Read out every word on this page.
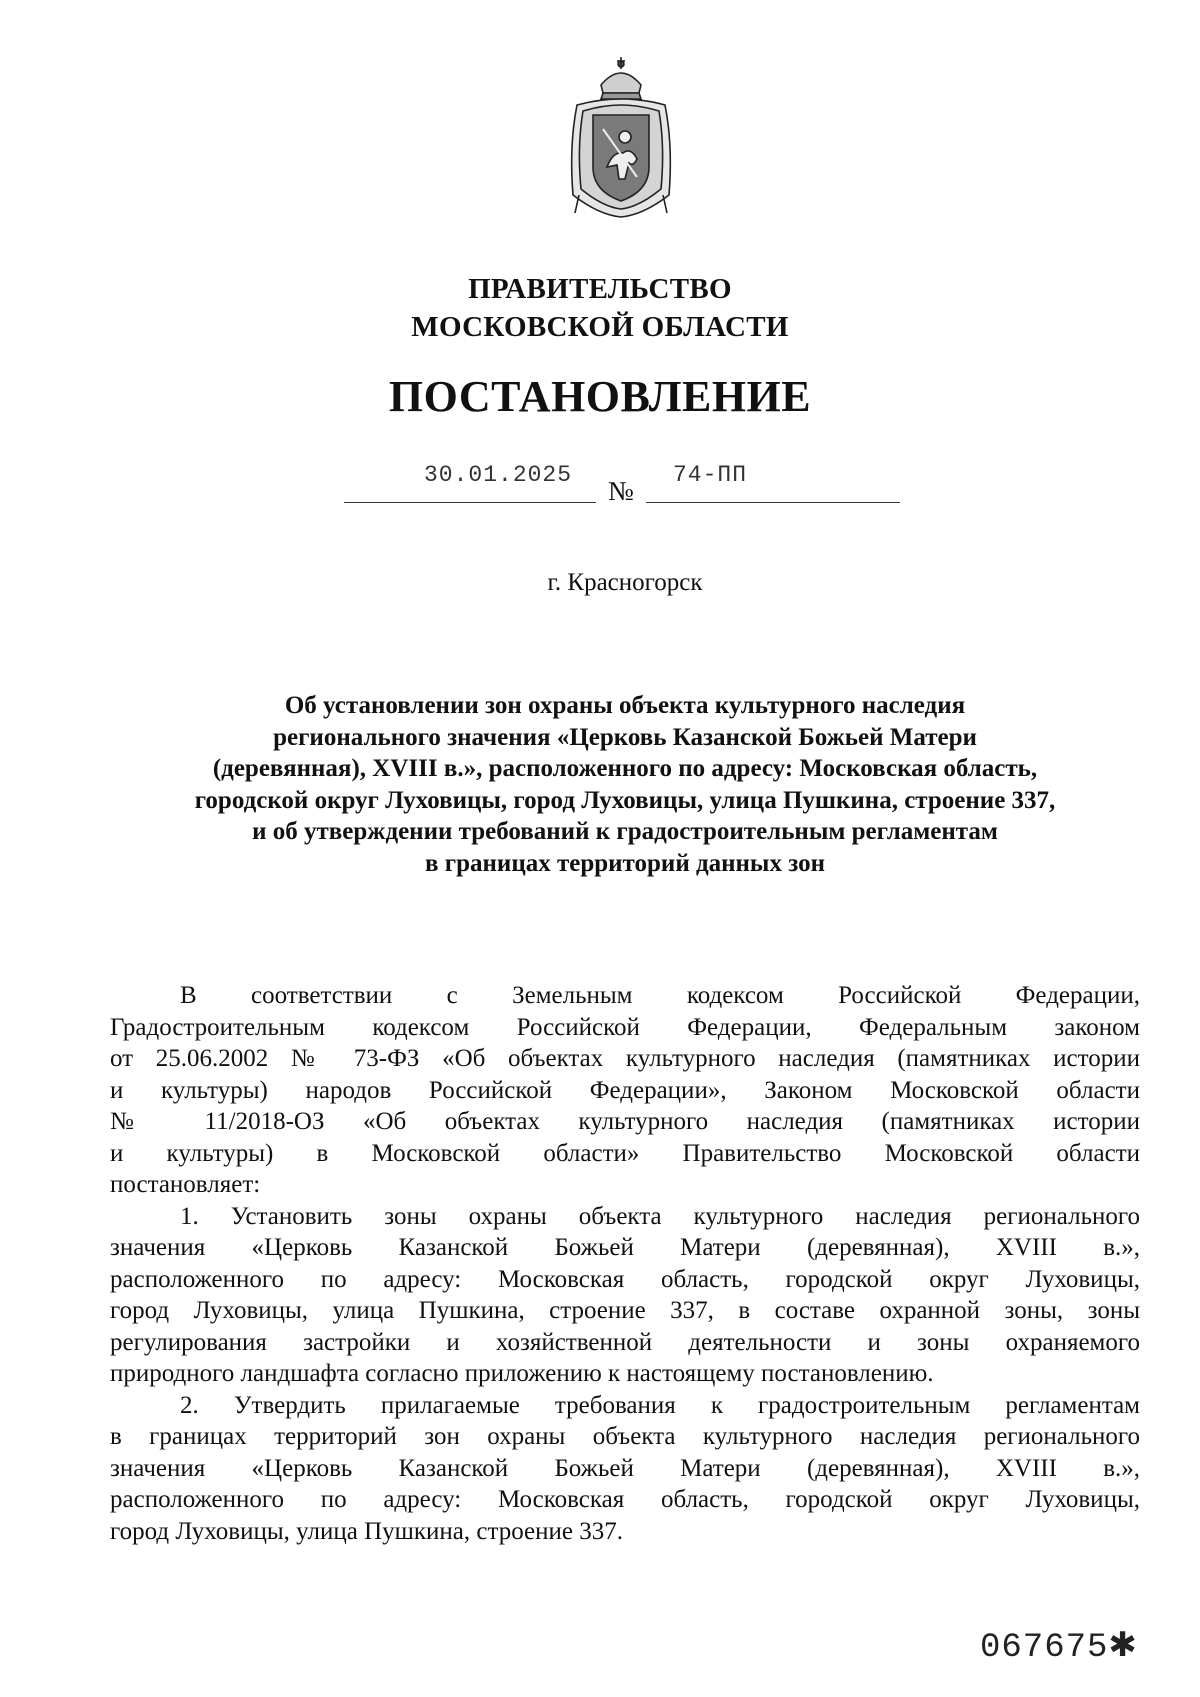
ПРАВИТЕЛЬСТВО
МОСКОВСКОЙ ОБЛАСТИ
ПОСТАНОВЛЕНИЕ
30.01.2025
№
74-ПП
г. Красногорск
Об установлении зон охраны объекта культурного наследия
регионального значения «Церковь Казанской Божьей Матери
(деревянная), XVIII в.», расположенного по адресу: Московская область,
городской округ Луховицы, город Луховицы, улица Пушкина, строение 337,
и об утверждении требований к градостроительным регламентам
в границах территорий данных зон
В соответствии с Земельным кодексом Российской Федерации,
Градостроительным кодексом Российской Федерации, Федеральным законом
от 25.06.2002 № 73-ФЗ «Об объектах культурного наследия (памятниках истории
и культуры) народов Российской Федерации», Законом Московской области
№ 11/2018-ОЗ «Об объектах культурного наследия (памятниках истории
и культуры) в Московской области» Правительство Московской области
постановляет:
1. Установить зоны охраны объекта культурного наследия регионального
значения «Церковь Казанской Божьей Матери (деревянная), XVIII в.»,
расположенного по адресу: Московская область, городской округ Луховицы,
город Луховицы, улица Пушкина, строение 337, в составе охранной зоны, зоны
регулирования застройки и хозяйственной деятельности и зоны охраняемого
природного ландшафта согласно приложению к настоящему постановлению.
2. Утвердить прилагаемые требования к градостроительным регламентам
в границах территорий зон охраны объекта культурного наследия регионального
значения «Церковь Казанской Божьей Матери (деревянная), XVIII в.»,
расположенного по адресу: Московская область, городской округ Луховицы,
город Луховицы, улица Пушкина, строение 337.
067675✱
